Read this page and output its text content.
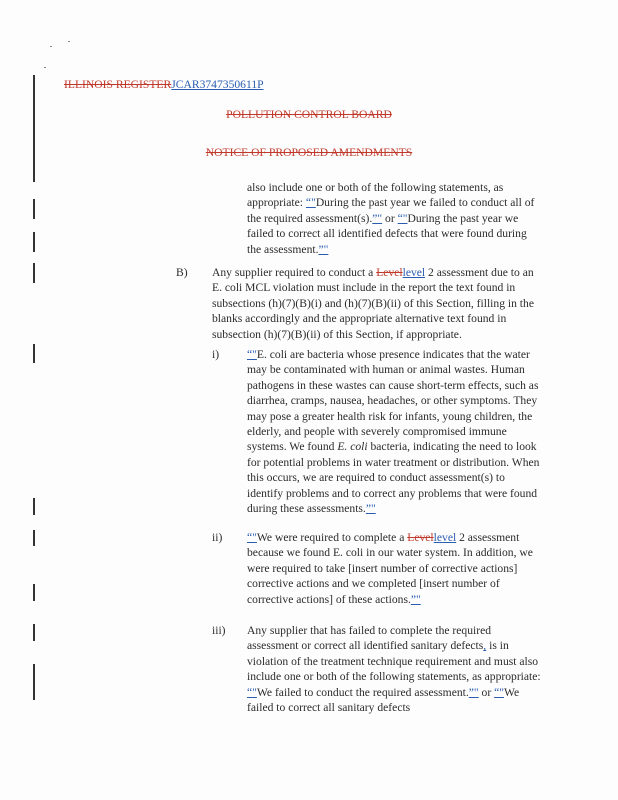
ILLINOIS REGISTERJCAR3747350611P
POLLUTION CONTROL BOARD
NOTICE OF PROPOSED AMENDMENTS

also include one or both of the following statements, as appropriate: “"During the past year we failed to conduct all of the required assessment(s).”" or “"During the past year we failed to correct all identified defects that were found during the assessment.”"

B) Any supplier required to conduct a Levellevel 2 assessment due to an E. coli MCL violation must include in the report the text found in subsections (h)(7)(B)(i) and (h)(7)(B)(ii) of this Section, filling in the blanks accordingly and the appropriate alternative text found in subsection (h)(7)(B)(ii) of this Section, if appropriate.

i) “"E. coli are bacteria whose presence indicates that the water may be contaminated with human or animal wastes. Human pathogens in these wastes can cause short-term effects, such as diarrhea, cramps, nausea, headaches, or other symptoms. They may pose a greater health risk for infants, young children, the elderly, and people with severely compromised immune systems. We found E. coli bacteria, indicating the need to look for potential problems in water treatment or distribution. When this occurs, we are required to conduct assessment(s) to identify problems and to correct any problems that were found during these assessments.”"

ii) “"We were required to complete a Levellevel 2 assessment because we found E. coli in our water system. In addition, we were required to take [insert number of corrective actions] corrective actions and we completed [insert number of corrective actions] of these actions.”"

iii) Any supplier that has failed to complete the required assessment or correct all identified sanitary defects, is in violation of the treatment technique requirement and must also include one or both of the following statements, as appropriate: “"We failed to conduct the required assessment.”" or “"We failed to correct all sanitary defects
